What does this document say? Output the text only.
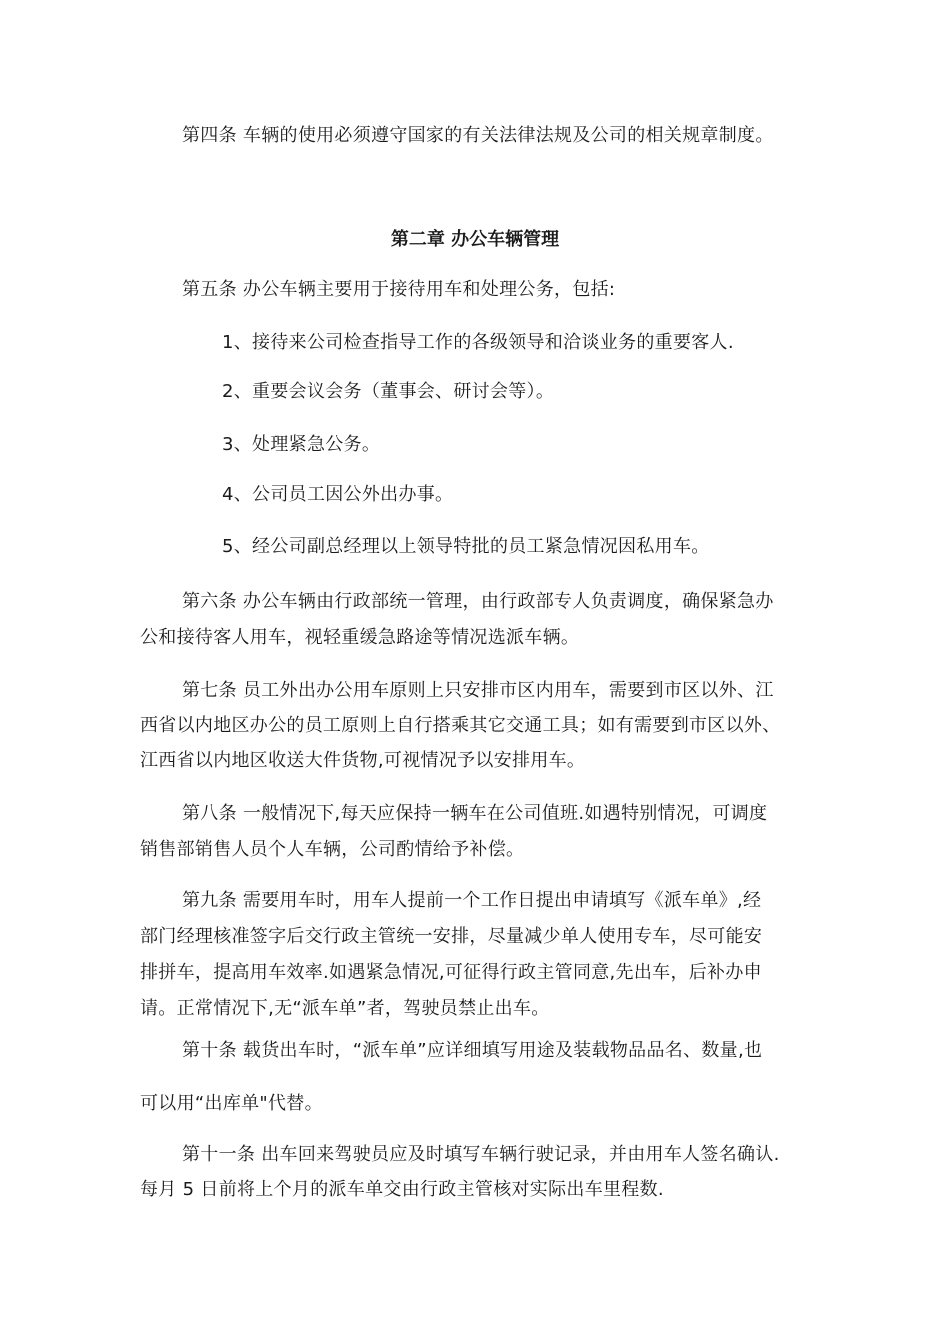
第四条 车辆的使用必须遵守国家的有关法律法规及公司的相关规章制度。
第二章 办公车辆管理
第五条 办公车辆主要用于接待用车和处理公务，包括:
1、接待来公司检查指导工作的各级领导和洽谈业务的重要客人.
2、重要会议会务（董事会、研讨会等）。
3、处理紧急公务。
4、公司员工因公外出办事。
5、经公司副总经理以上领导特批的员工紧急情况因私用车。
第六条 办公车辆由行政部统一管理，由行政部专人负责调度，确保紧急办
公和接待客人用车，视轻重缓急路途等情况选派车辆。
第七条 员工外出办公用车原则上只安排市区内用车，需要到市区以外、江
西省以内地区办公的员工原则上自行搭乘其它交通工具；如有需要到市区以外、
江西省以内地区收送大件货物,可视情况予以安排用车。
第八条 一般情况下,每天应保持一辆车在公司值班.如遇特别情况，可调度
销售部销售人员个人车辆，公司酌情给予补偿。
第九条 需要用车时，用车人提前一个工作日提出申请填写《派车单》,经
部门经理核准签字后交行政主管统一安排，尽量减少单人使用专车，尽可能安
排拼车，提高用车效率.如遇紧急情况,可征得行政主管同意,先出车，后补办申
请。正常情况下,无“派车单”者，驾驶员禁止出车。
第十条 载货出车时，“派车单”应详细填写用途及装载物品品名、数量,也
可以用“出库单"代替。
第十一条 出车回来驾驶员应及时填写车辆行驶记录，并由用车人签名确认.
每月 5 日前将上个月的派车单交由行政主管核对实际出车里程数.
